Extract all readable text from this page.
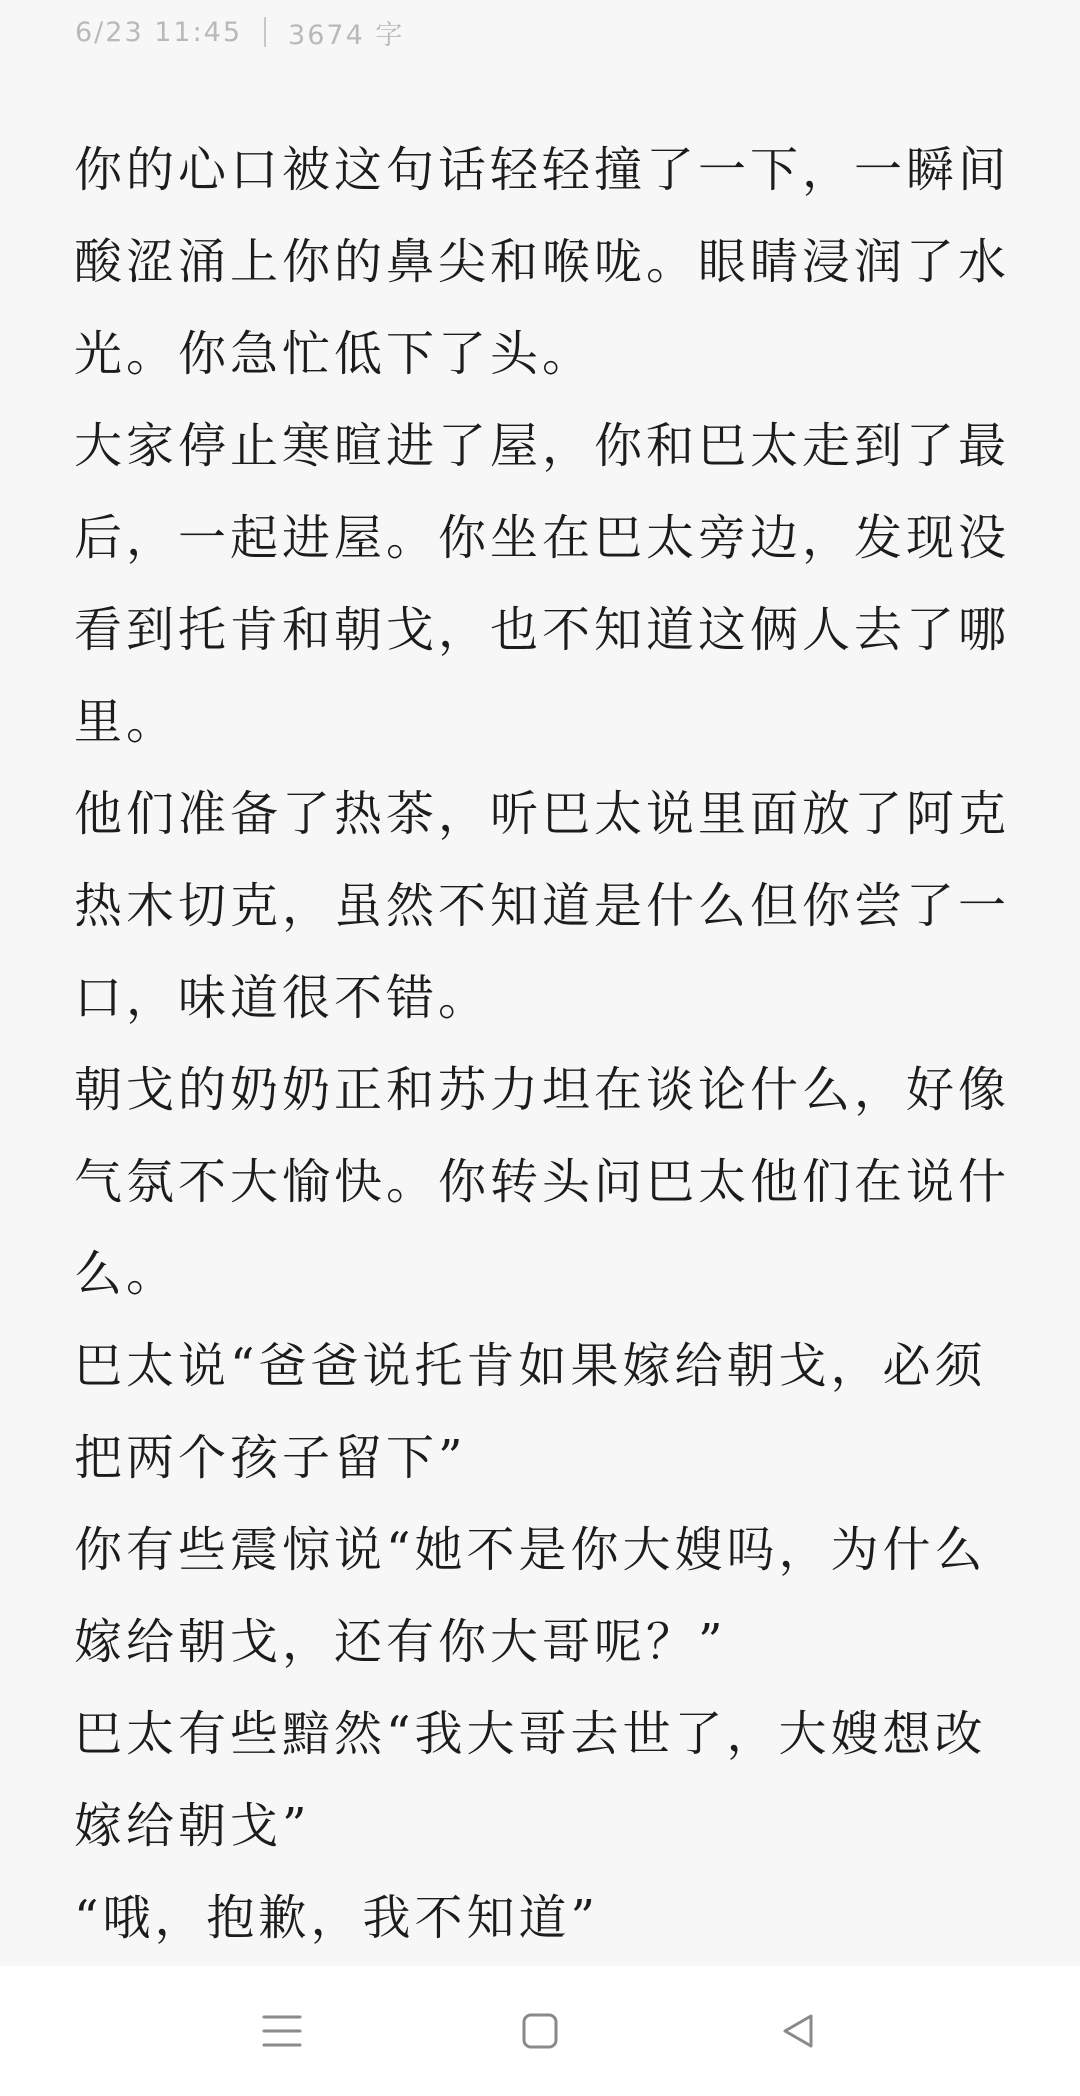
6/23 11:45 3674 字

你的心口被这句话轻轻撞了一下，一瞬间酸涩涌上你的鼻尖和喉咙。眼睛浸润了水光。你急忙低下了头。

大家停止寒暄进了屋，你和巴太走到了最后，一起进屋。你坐在巴太旁边，发现没看到托肯和朝戈，也不知道这俩人去了哪里。

他们准备了热茶，听巴太说里面放了阿克热木切克，虽然不知道是什么但你尝了一口，味道很不错。

朝戈的奶奶正和苏力坦在谈论什么，好像气氛不大愉快。你转头问巴太他们在说什么。

巴太说“爸爸说托肯如果嫁给朝戈，必须把两个孩子留下”

你有些震惊说“她不是你大嫂吗，为什么嫁给朝戈，还有你大哥呢？”

巴太有些黯然“我大哥去世了，大嫂想改嫁给朝戈”

“哦，抱歉，我不知道”
